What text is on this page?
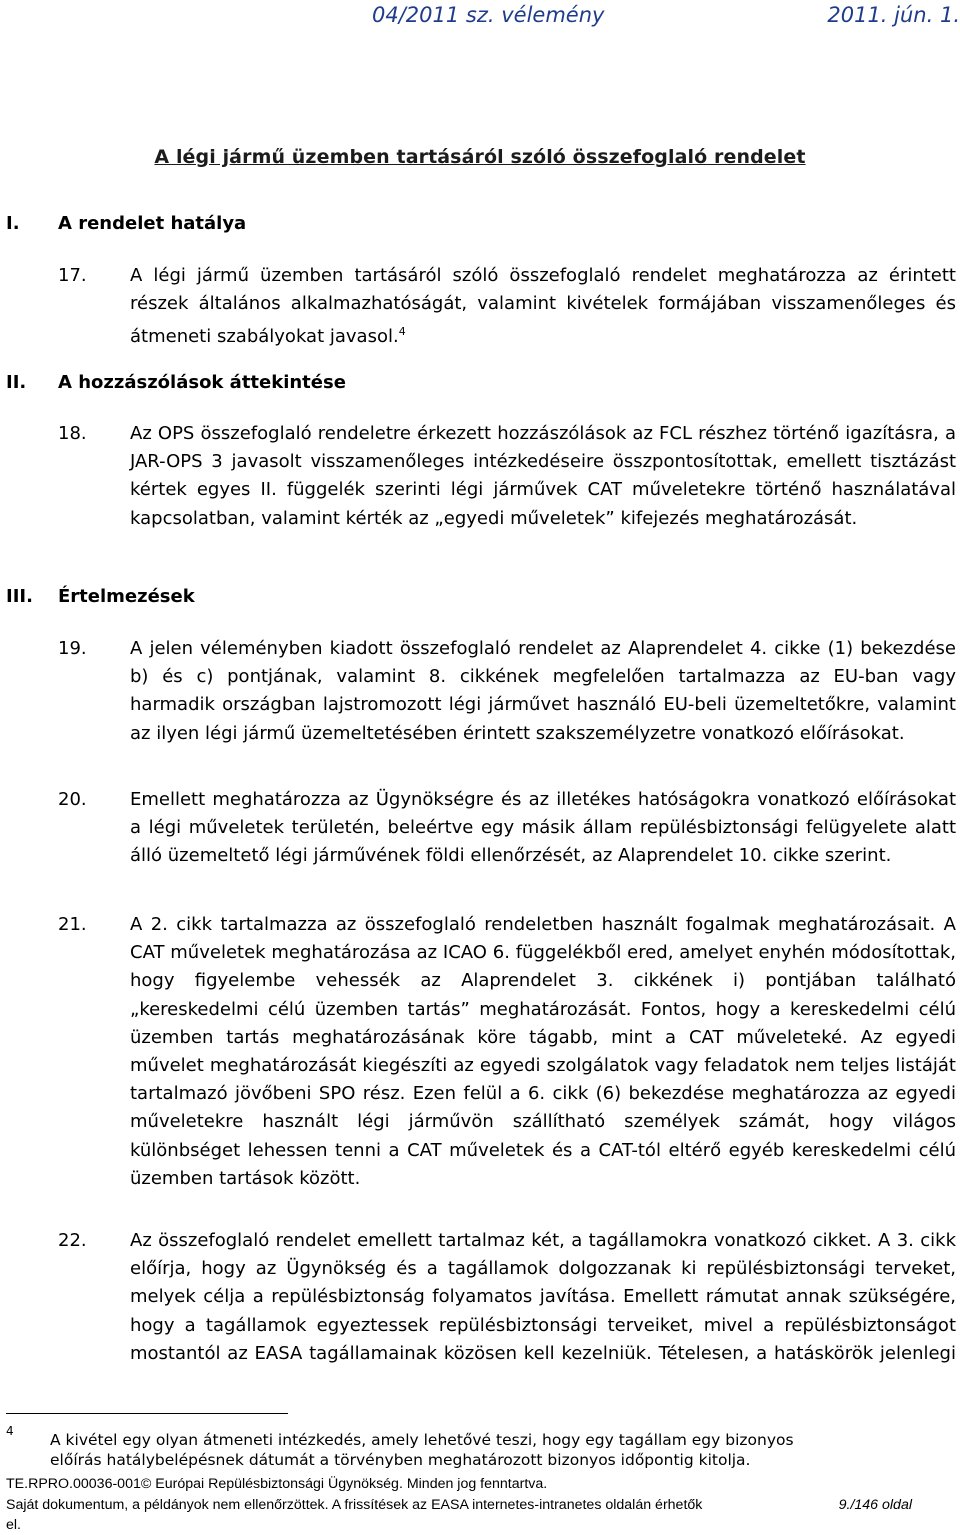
04/2011 sz. vélemény	2011. jún. 1.
A légi jármű üzemben tartásáról szóló összefoglaló rendelet
I. A rendelet hatálya
17. A légi jármű üzemben tartásáról szóló összefoglaló rendelet meghatározza az érintett részek általános alkalmazhatóságát, valamint kivételek formájában visszamenőleges és átmeneti szabályokat javasol.$^4$
II. A hozzászólások áttekintése
18. Az OPS összefoglaló rendeletre érkezett hozzászólások az FCL részhez történő igazításra, a JAR-OPS 3 javasolt visszamenőleges intézkedéseire összpontosítottak, emellett tisztázást kértek egyes II. függelék szerinti légi járművek CAT műveletekre történő használatával kapcsolatban, valamint kérték az „egyedi műveletek” kifejezés meghatározását.
III. Értelmezések
19. A jelen véleményben kiadott összefoglaló rendelet az Alaprendelet 4. cikke (1) bekezdése b) és c) pontjának, valamint 8. cikkének megfelelően tartalmazza az EU-ban vagy harmadik országban lajstromozott légi járművet használó EU-beli üzemeltetőkre, valamint az ilyen légi jármű üzemeltetésében érintett szakszemélyzetre vonatkozó előírásokat.
20. Emellett meghatározza az Ügynökségre és az illetékes hatóságokra vonatkozó előírásokat a légi műveletek területén, beleértve egy másik állam repülésbiztonsági felügyelete alatt álló üzemeltető légi járművének földi ellenőrzését, az Alaprendelet 10. cikke szerint.
21. A 2. cikk tartalmazza az összefoglaló rendeletben használt fogalmak meghatározásait. A CAT műveletek meghatározása az ICAO 6. függelékből ered, amelyet enyhén módosítottak, hogy figyelembe vehessék az Alaprendelet 3. cikkének i) pontjában található „kereskedelmi célú üzemben tartás” meghatározását. Fontos, hogy a kereskedelmi célú üzemben tartás meghatározásának köre tágabb, mint a CAT műveleteké. Az egyedi művelet meghatározását kiegészíti az egyedi szolgálatok vagy feladatok nem teljes listáját tartalmazó jövőbeni SPO rész. Ezen felül a 6. cikk (6) bekezdése meghatározza az egyedi műveletekre használt légi járművön szállítható személyek számát, hogy világos különbséget lehessen tenni a CAT műveletek és a CAT-tól eltérő egyéb kereskedelmi célú üzemben tartások között.
22. Az összefoglaló rendelet emellett tartalmaz két, a tagállamokra vonatkozó cikket. A 3. cikk előírja, hogy az Ügynökség és a tagállamok dolgozzanak ki repülésbiztonsági terveket, melyek célja a repülésbiztonság folyamatos javítása. Emellett rámutat annak szükségére, hogy a tagállamok egyeztessek repülésbiztonsági terveiket, mivel a repülésbiztonságot mostantól az EASA tagállamainak közösen kell kezelniük. Tételesen, a hatáskörök jelenlegi
4 A kivétel egy olyan átmeneti intézkedés, amely lehetővé teszi, hogy egy tagállam egy bizonyos
előírás hatálybelépésnek dátumát a törvényben meghatározott bizonyos időpontig kitolja.
TE.RPRO.00036-001© Európai Repülésbiztonsági Ügynökség. Minden jog fenntartva.
Saját dokumentum, a példányok nem ellenőrzöttek. A frissítések az EASA internetes-intranetes oldalán érhetők	9./146 oldal
el.
